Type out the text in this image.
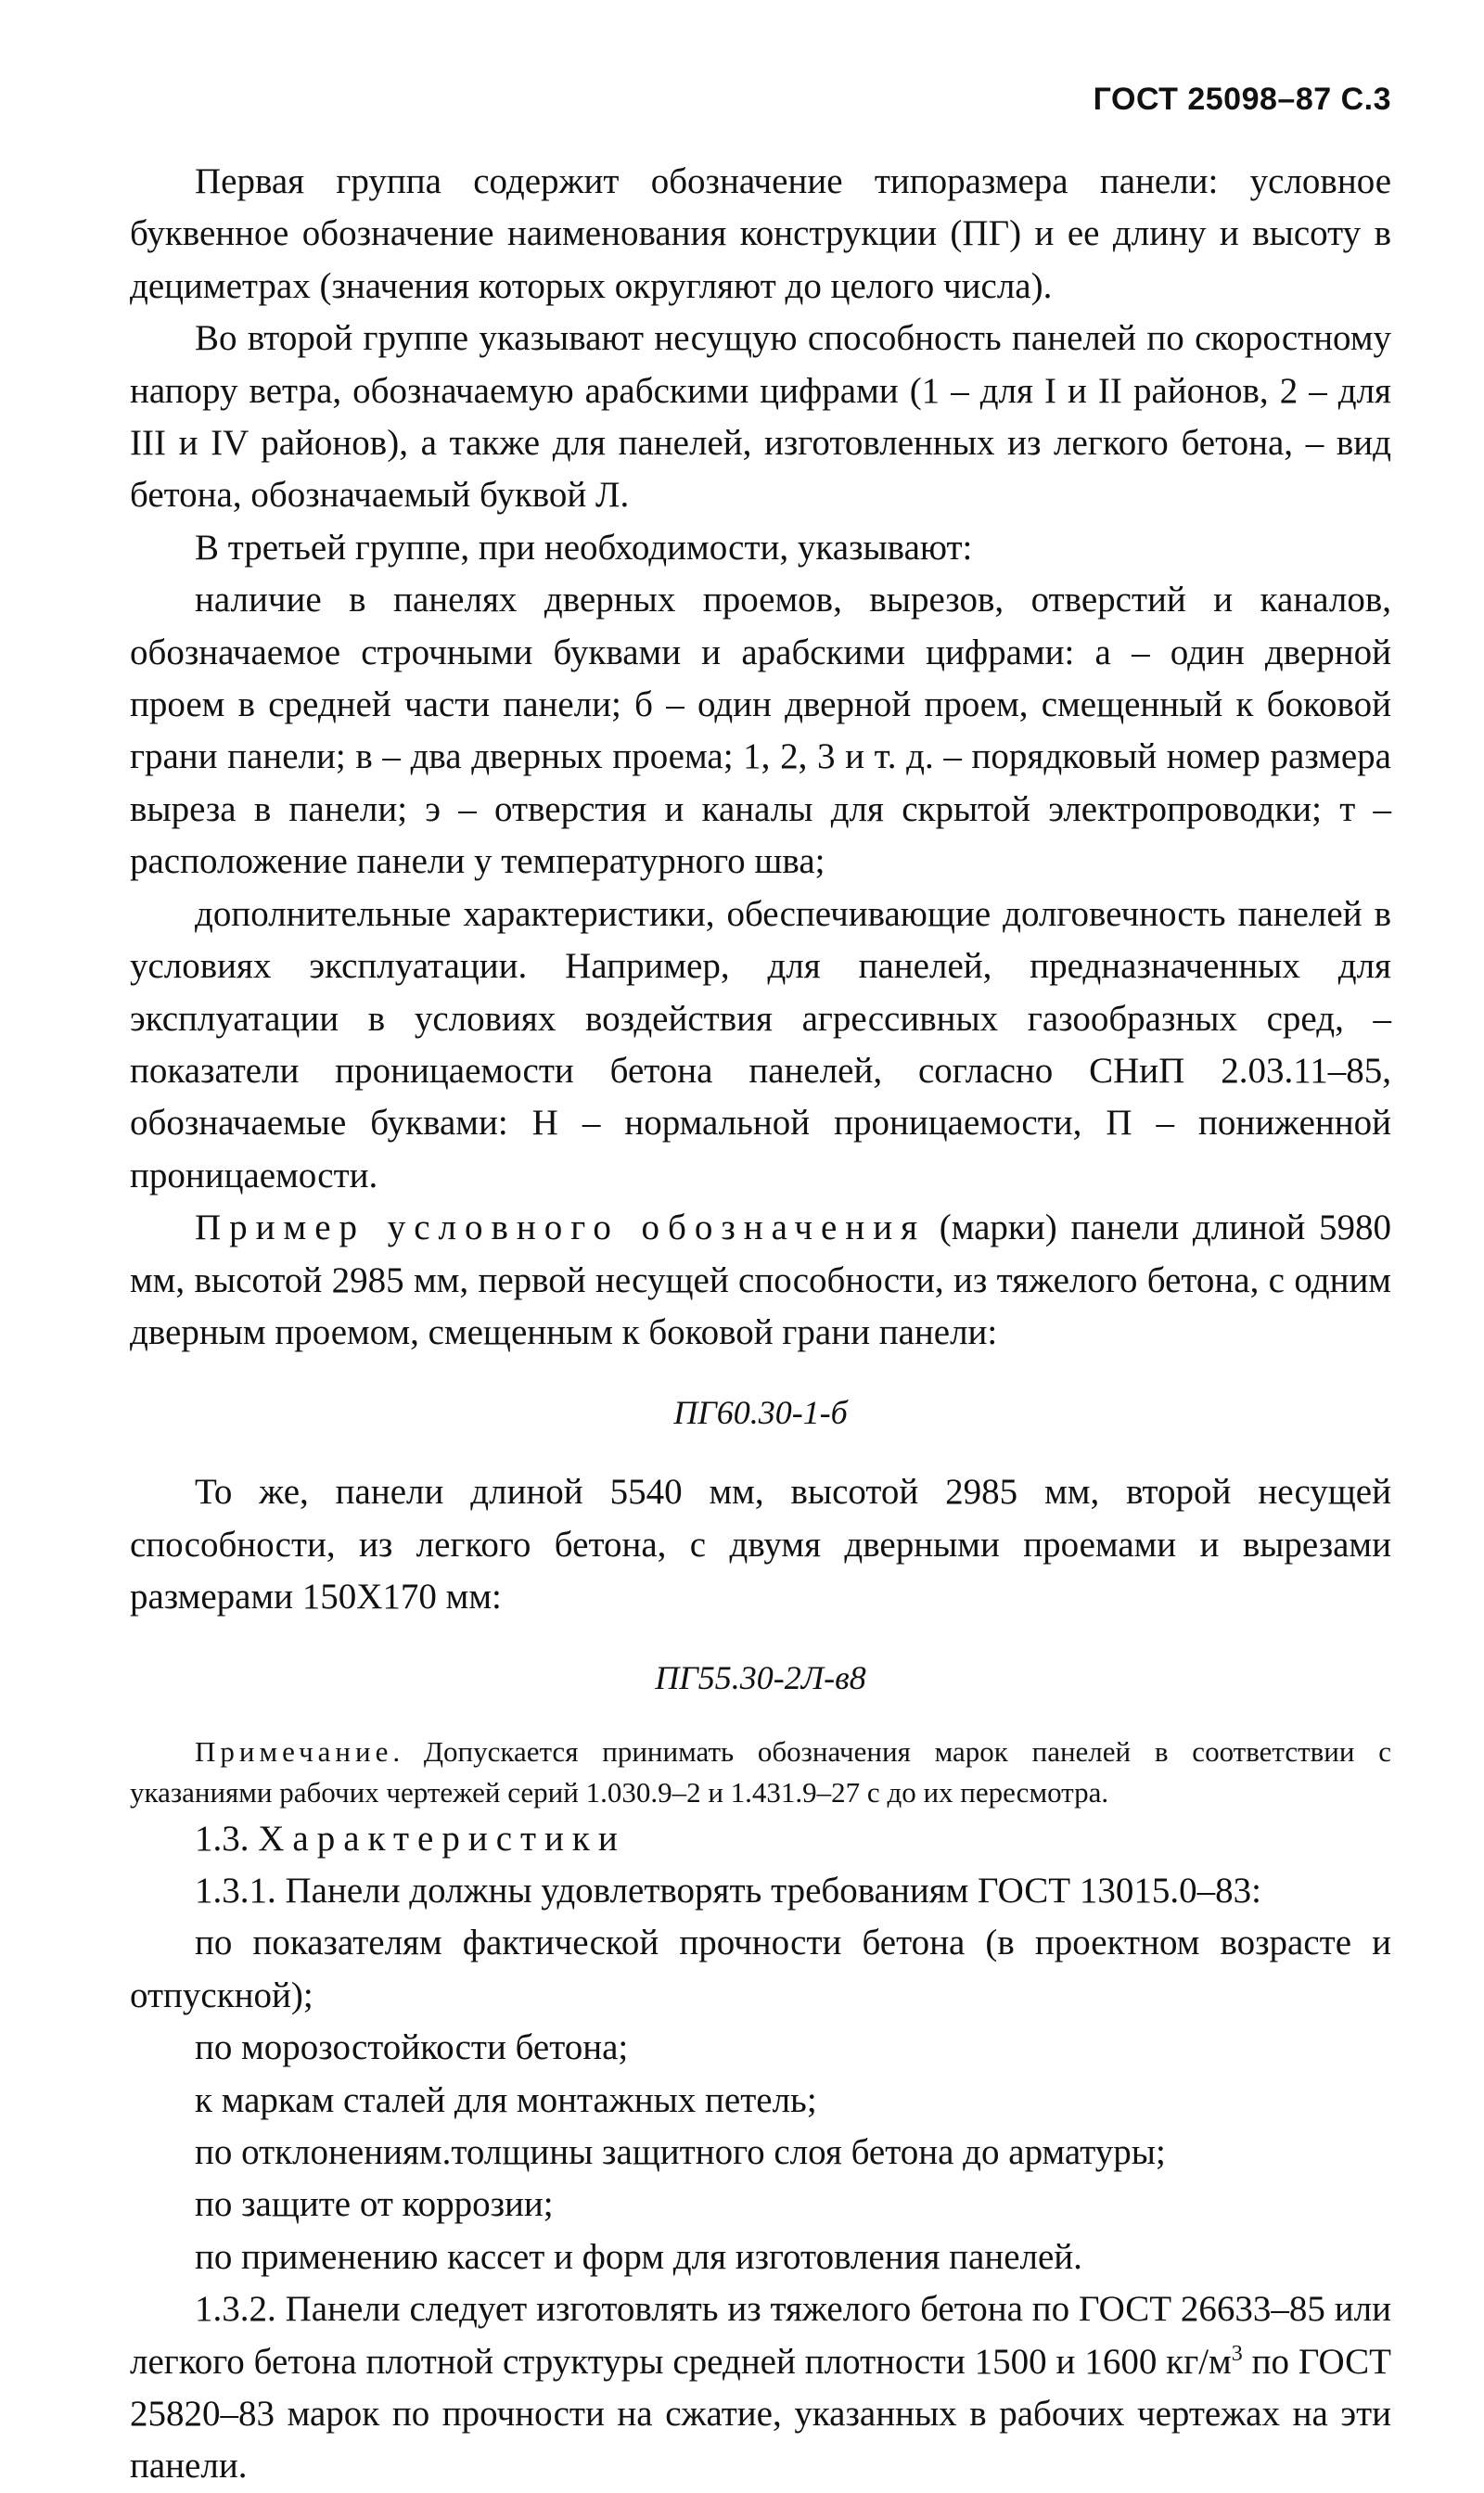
ГОСТ 25098–87 С.3

Первая группа содержит обозначение типоразмера панели: условное буквенное обозначение наименования конструкции (ПГ) и ее длину и высоту в дециметрах (значения которых округляют до целого числа).

Во второй группе указывают несущую способность панелей по скоростному напору ветра, обозначаемую арабскими цифрами (1 – для I и II районов, 2 – для III и IV районов), а также для панелей, изготовленных из легкого бетона, – вид бетона, обозначаемый буквой Л.

В третьей группе, при необходимости, указывают:

наличие в панелях дверных проемов, вырезов, отверстий и каналов, обозначаемое строчными буквами и арабскими цифрами: а – один дверной проем в средней части панели; б – один дверной проем, смещенный к боковой грани панели; в – два дверных проема; 1, 2, 3 и т. д. – порядковый номер размера выреза в панели; э – отверстия и каналы для скрытой электропроводки; т – расположение панели у температурного шва;

дополнительные характеристики, обеспечивающие долговечность панелей в условиях эксплуатации. Например, для панелей, предназначенных для эксплуатации в условиях воздействия агрессивных газообразных сред, – показатели проницаемости бетона панелей, согласно СНиП 2.03.11–85, обозначаемые буквами: Н – нормальной проницаемости, П – пониженной проницаемости.

Пример условного обозначения (марки) панели длиной 5980 мм, высотой 2985 мм, первой несущей способности, из тяжелого бетона, с одним дверным проемом, смещенным к боковой грани панели:

ПГ60.30-1-б

То же, панели длиной 5540 мм, высотой 2985 мм, второй несущей способности, из легкого бетона, с двумя дверными проемами и вырезами размерами 150Х170 мм:

ПГ55.30-2Л-в8

Примечание. Допускается принимать обозначения марок панелей в соответствии с указаниями рабочих чертежей серий 1.030.9–2 и 1.431.9–27 с до их пересмотра.

1.3. Характеристики

1.3.1. Панели должны удовлетворять требованиям ГОСТ 13015.0–83:

по показателям фактической прочности бетона (в проектном возрасте и отпускной);

по морозостойкости бетона;

к маркам сталей для монтажных петель;

по отклонениям.толщины защитного слоя бетона до арматуры;

по защите от коррозии;

по применению кассет и форм для изготовления панелей.

1.3.2. Панели следует изготовлять из тяжелого бетона по ГОСТ 26633–85 или легкого бетона плотной структуры средней плотности 1500 и 1600 $кг/м^3$ по ГОСТ 25820–83 марок по прочности на сжатие, указанных в рабочих чертежах на эти панели.
